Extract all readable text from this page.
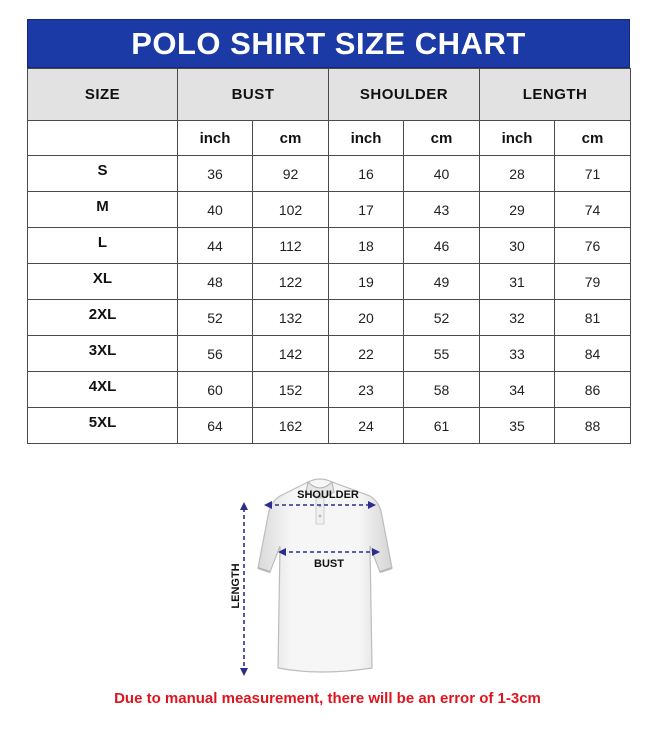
POLO SHIRT SIZE CHART
SIZE	BUST		SHOULDER		LENGTH	
	inch	cm	inch	cm	inch	cm
S	36	92	16	40	28	71
M	40	102	17	43	29	74
L	44	112	18	46	30	76
XL	48	122	19	49	31	79
2XL	52	132	20	52	32	81
3XL	56	142	22	55	33	84
4XL	60	152	23	58	34	86
5XL	64	162	24	61	35	88
SHOULDER
BUST
LENGTH
Due to manual measurement, there will be an error of 1-3cm
